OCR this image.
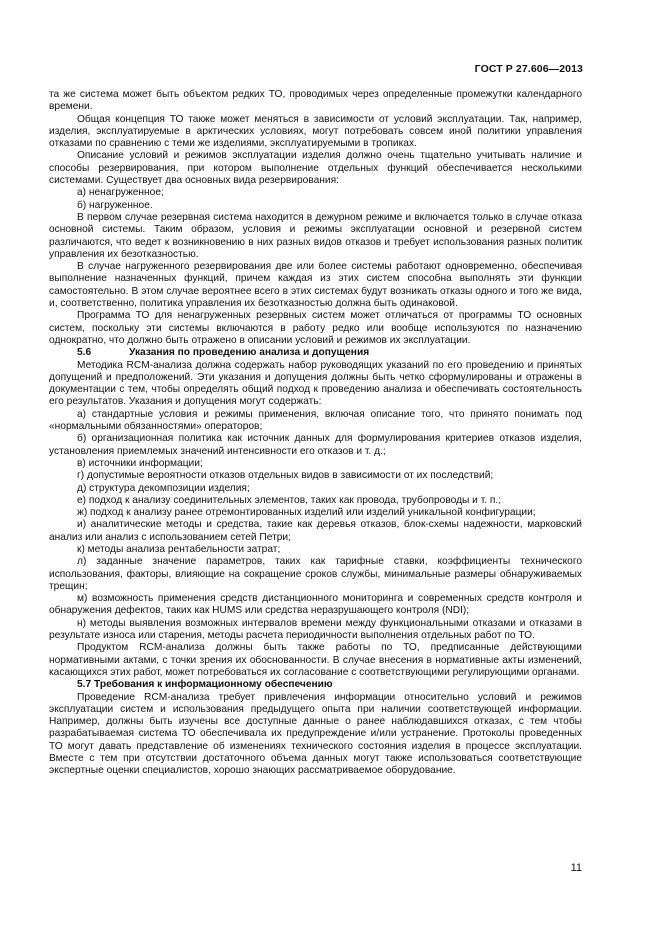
ГОСТ Р 27.606—2013

та же система может быть объектом редких ТО, проводимых через определенные промежутки календарного времени.

Общая концепция ТО также может меняться в зависимости от условий эксплуатации. Так, например, изделия, эксплуатируемые в арктических условиях, могут потребовать совсем иной политики управления отказами по сравнению с теми же изделиями, эксплуатируемыми в тропиках.

Описание условий и режимов эксплуатации изделия должно очень тщательно учитывать наличие и способы резервирования, при котором выполнение отдельных функций обеспечивается несколькими системами. Существует два основных вида резервирования:

а) ненагруженное;

б) нагруженное.

В первом случае резервная система находится в дежурном режиме и включается только в случае отказа основной системы. Таким образом, условия и режимы эксплуатации основной и резервной систем различаются, что ведет к возникновению в них разных видов отказов и требует использования разных политик управления их безотказностью.

В случае нагруженного резервирования две или более системы работают одновременно, обеспечивая выполнение назначенных функций, причем каждая из этих систем способна выполнять эти функции самостоятельно. В этом случае вероятнее всего в этих системах будут возникать отказы одного и того же вида, и, соответственно, политика управления их безотказностью должна быть одинаковой.

Программа ТО для ненагруженных резервных систем может отличаться от программы ТО основных систем, поскольку эти системы включаются в работу редко или вообще используются по назначению однократно, что должно быть отражено в описании условий и режимов их эксплуатации.

5.6	Указания по проведению анализа и допущения

Методика RCM-анализа должна содержать набор руководящих указаний по его проведению и принятых допущений и предположений. Эти указания и допущения должны быть четко сформулированы и отражены в документации с тем, чтобы определять общий подход к проведению анализа и обеспечивать состоятельность его результатов. Указания и допущения могут содержать:

а) стандартные условия и режимы применения, включая описание того, что принято понимать под «нормальными обязанностями» операторов;

б) организационная политика как источник данных для формулирования критериев отказов изделия, установления приемлемых значений интенсивности его отказов и т. д.;

в) источники информации;

г) допустимые вероятности отказов отдельных видов в зависимости от их последствий;

д) структура декомпозиции изделия;

е) подход к анализу соединительных элементов, таких как провода, трубопроводы и т. п.;

ж) подход к анализу ранее отремонтированных изделий или изделий уникальной конфигурации;

и) аналитические методы и средства, такие как деревья отказов, блок-схемы надежности, марковский анализ или анализ с использованием сетей Петри;

к) методы анализа рентабельности затрат;

л) заданные значение параметров, таких как тарифные ставки, коэффициенты технического использования, факторы, влияющие на сокращение сроков службы, минимальные размеры обнаруживаемых трещин;

м) возможность применения средств дистанционного мониторинга и современных средств контроля и обнаружения дефектов, таких как HUMS или средства неразрушающего контроля (NDI);

н) методы выявления возможных интервалов времени между функциональными отказами и отказами в результате износа или старения, методы расчета периодичности выполнения отдельных работ по ТО.

Продуктом RCM-анализа должны быть также работы по ТО, предписанные действующими нормативными актами, с точки зрения их обоснованности. В случае внесения в нормативные акты изменений, касающихся этих работ, может потребоваться их согласование с соответствующими регулирующими органами.

5.7 Требования к информационному обеспечению

Проведение RCM-анализа требует привлечения информации относительно условий и режимов эксплуатации систем и использования предыдущего опыта при наличии соответствующей информации. Например, должны быть изучены все доступные данные о ранее наблюдавшихся отказах, с тем чтобы разрабатываемая система ТО обеспечивала их предупреждение и/или устранение. Протоколы проведенных ТО могут давать представление об изменениях технического состояния изделия в процессе эксплуатации. Вместе с тем при отсутствии достаточного объема данных могут также использоваться соответствующие экспертные оценки специалистов, хорошо знающих рассматриваемое оборудование.

11
